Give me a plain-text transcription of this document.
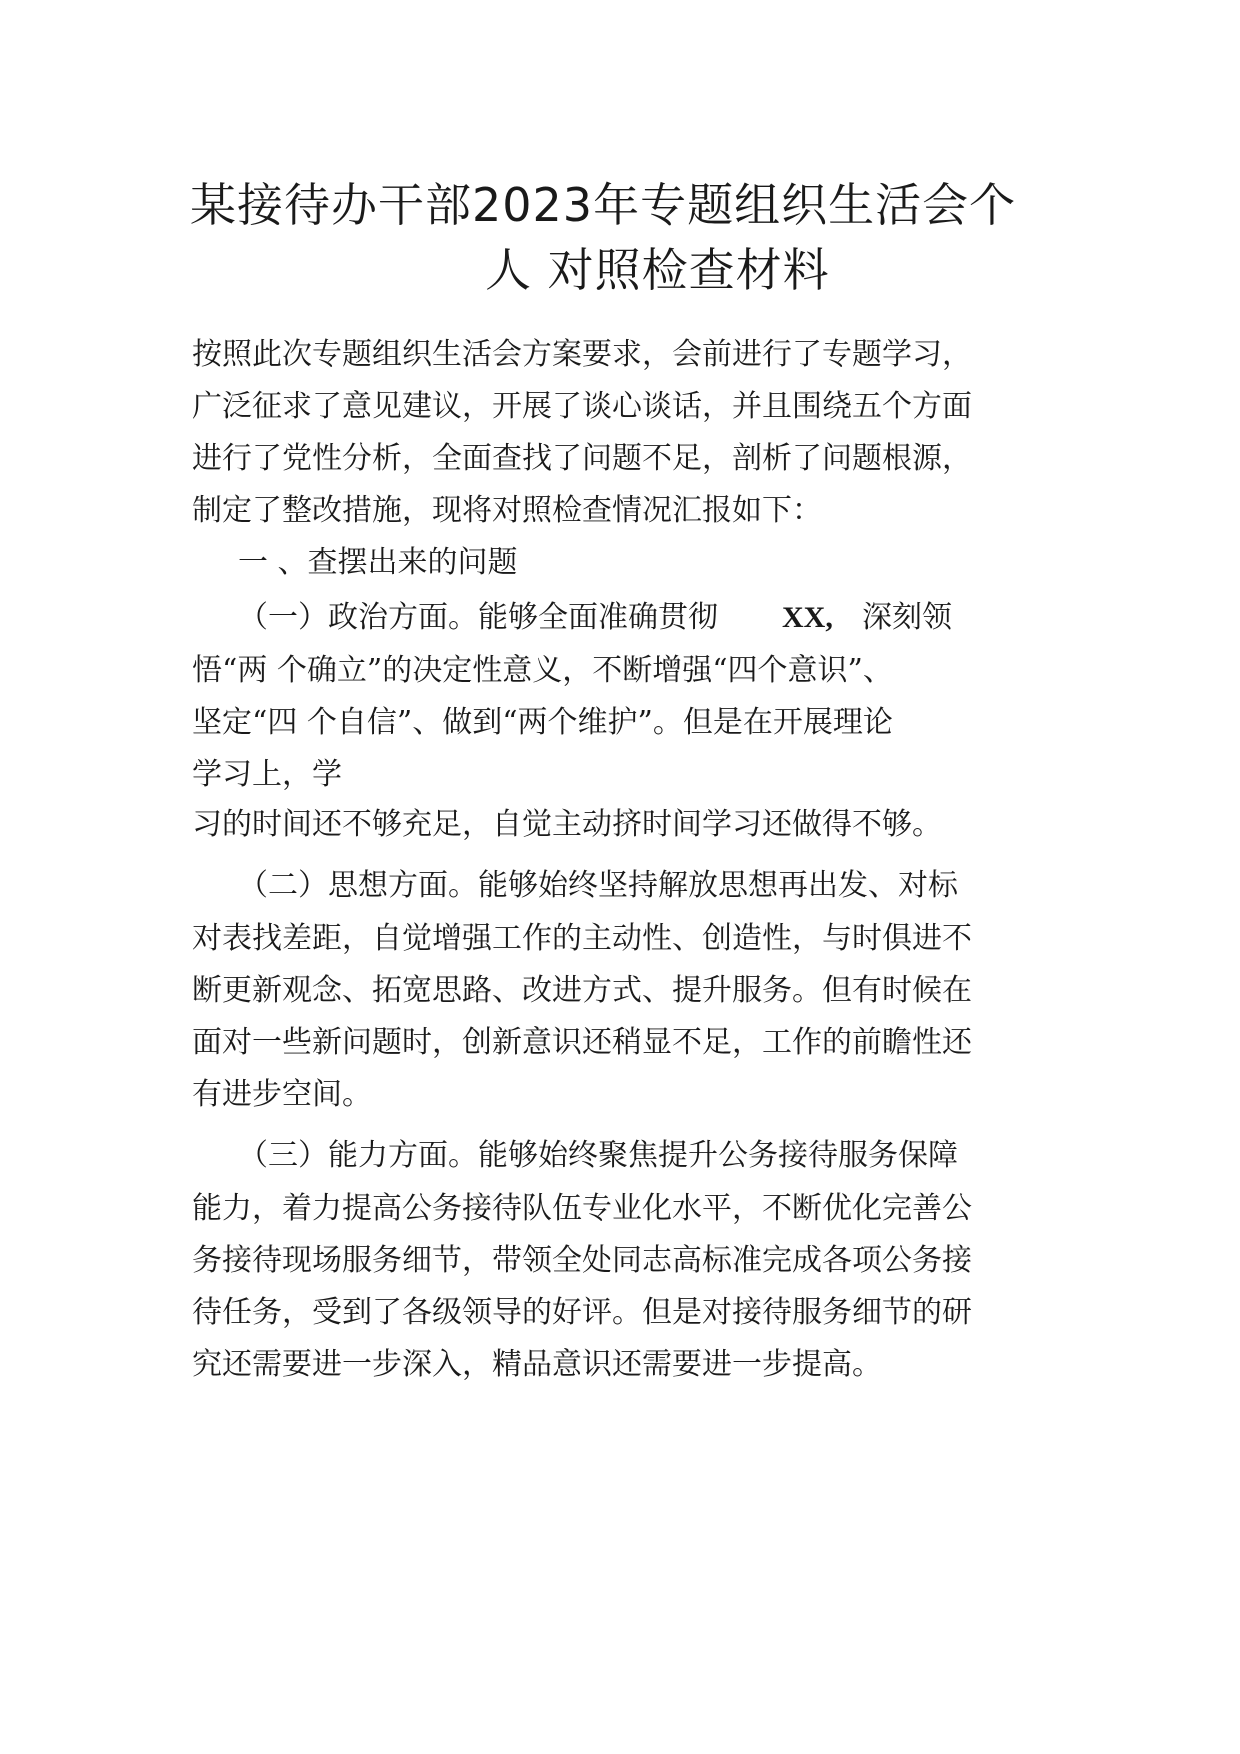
某接待办干部2023年专题组织生活会个
人 对照检查材料
按照此次专题组织生活会方案要求，会前进行了专题学习，
广泛征求了意见建议，开展了谈心谈话，并且围绕五个方面
进行了党性分析，全面查找了问题不足，剖析了问题根源，
制定了整改措施，现将对照检查情况汇报如下：
一 、查摆出来的问题
（一）政治方面。能够全面准确贯彻	XX, 深刻领
悟“两 个确立”的决定性意义，不断增强“四个意识”、
坚定“四 个自信”、做到“两个维护”。但是在开展理论
学习上，学
习的时间还不够充足，自觉主动挤时间学习还做得不够。
（二）思想方面。能够始终坚持解放思想再出发、对标
对表找差距，自觉增强工作的主动性、创造性，与时俱进不
断更新观念、拓宽思路、改进方式、提升服务。但有时候在
面对一些新问题时，创新意识还稍显不足，工作的前瞻性还
有进步空间。
（三）能力方面。能够始终聚焦提升公务接待服务保障
能力，着力提高公务接待队伍专业化水平，不断优化完善公
务接待现场服务细节，带领全处同志高标准完成各项公务接
待任务，受到了各级领导的好评。但是对接待服务细节的研
究还需要进一步深入，精品意识还需要进一步提高。
